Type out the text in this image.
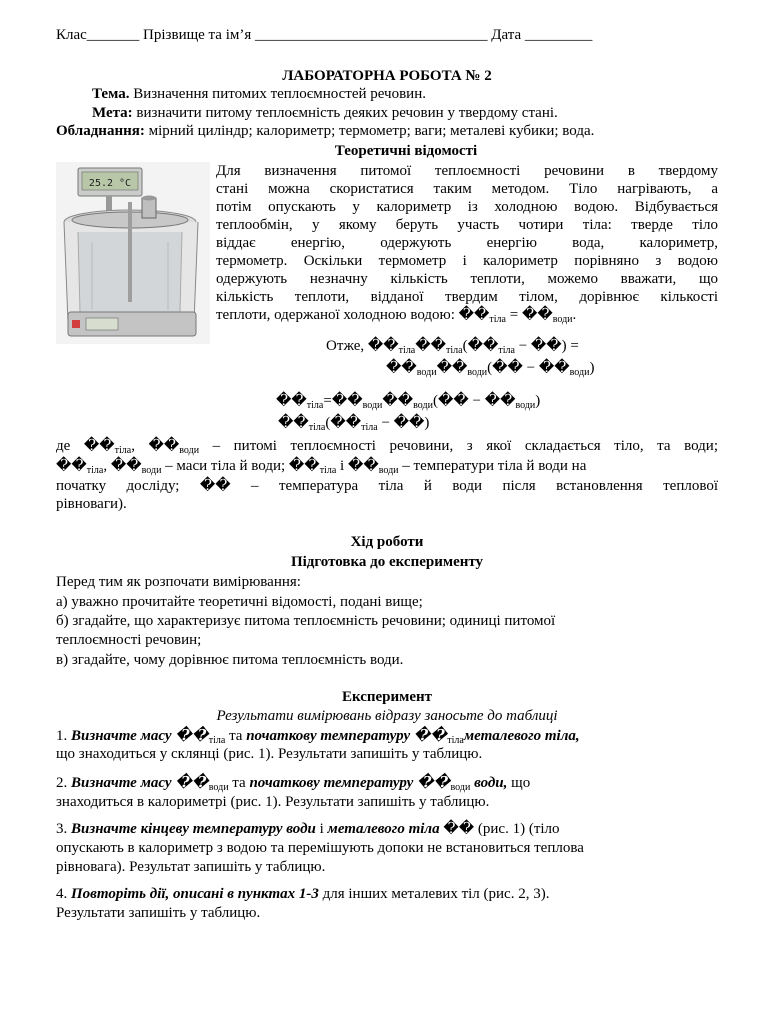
Клас_______ Прізвище та ім’я _______________________________ Дата _________
ЛАБОРАТОРНА РОБОТА № 2
Тема. Визначення питомих теплоємностей речовин.
Мета: визначити питому теплоємність деяких речовин у твердому стані.
Обладнання: мірний циліндр; калориметр; термометр; ваги; металеві кубики; вода.
Теоретичні відомості
25.2 °C
Для визначення питомої теплоємності речовини в твердому
стані можна скористатися таким методом. Тіло нагрівають, а
потім опускають у калориметр із холодною водою. Відбувається
теплообмін, у якому беруть участь чотири тіла: тверде тіло
віддає енергію, одержують енергію вода, калориметр,
термометр. Оскільки термометр і калориметр порівняно з водою
одержують незначну кількість теплоти, можемо вважати, що
кількість теплоти, відданої твердим тілом, дорівнює кількості
теплоти, одержаної холодною водою: $��_{тіла}$ = $��_{води}$.
Отже, $��_{тіла}��_{тіла}(��_{тіла}$ − ��) =
$��_{води}��_{води}(��$ − $��_{води}$)
$��_{тіла}=��_{води}��_{води}(��$ − $��_{води}$)
$��_{тіла}(��_{тіла}$ − ��)
де $��_{тіла}$, $��_{води}$ – питомі теплоємності речовини, з якої складається тіло, та води;
$��_{тіла}$, $��_{води}$ – маси тіла й води; $��_{тіла}$ і $��_{води}$ – температури тіла й води на
початку дослiду; �� – температура тіла й води після встановлення теплової
рівноваги).
Хід роботи
Підготовка до експерименту
Перед тим як розпочати вимірювання:
а) уважно прочитайте теоретичні відомості, подані вище;
б) згадайте, що характеризує питома теплоємність речовини; одиниці питомої
теплоємності речовин;
в) згадайте, чому дорівнює питома теплоємність води.
Експеримент
Результати вимірювань відразу заносьте до таблиці
1. Визначте масу $��_{тіла}$ та початкову температуру $��_{тіла}металевого$ тіла,
що знаходиться у склянці (рис. 1). Результати запишіть у таблицю.
2. Визначте масу $��_{води}$ та початкову температуру $��_{води}$ води, що
знаходиться в калориметрі (рис. 1). Результати запишіть у таблицю.
3. Визначте кінцеву температуру води і металевого тіла �� (рис. 1) (тіло
опускають в калориметр з водою та перемішують допоки не встановиться теплова
рівновага). Результат запишіть у таблицю.
4. Повторіть дії, описані в пунктах 1-3 для інших металевих тіл (рис. 2, 3).
Результати запишіть у таблицю.
